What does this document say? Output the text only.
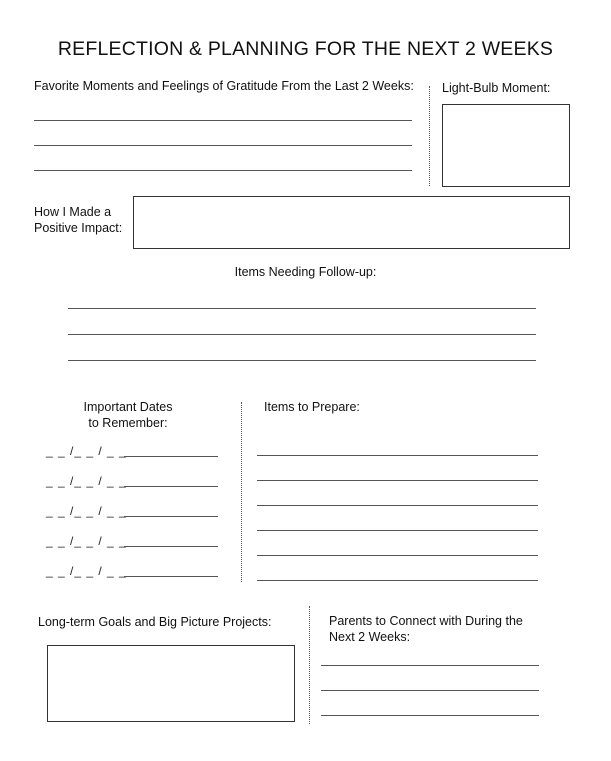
REFLECTION & PLANNING FOR THE NEXT 2 WEEKS
Favorite Moments and Feelings of Gratitude From the Last 2 Weeks: Light-Bulb Moment:
How I Made a
Positive Impact:
Items Needing Follow-up:
Important Dates
to Remember:
_ _ /_ _ / _ _
_ _ /_ _ / _ _
_ _ /_ _ / _ _
_ _ /_ _ / _ _
_ _ /_ _ / _ _
Items to Prepare:
Long-term Goals and Big Picture Projects:	Parents to Connect with During the
Next 2 Weeks:
